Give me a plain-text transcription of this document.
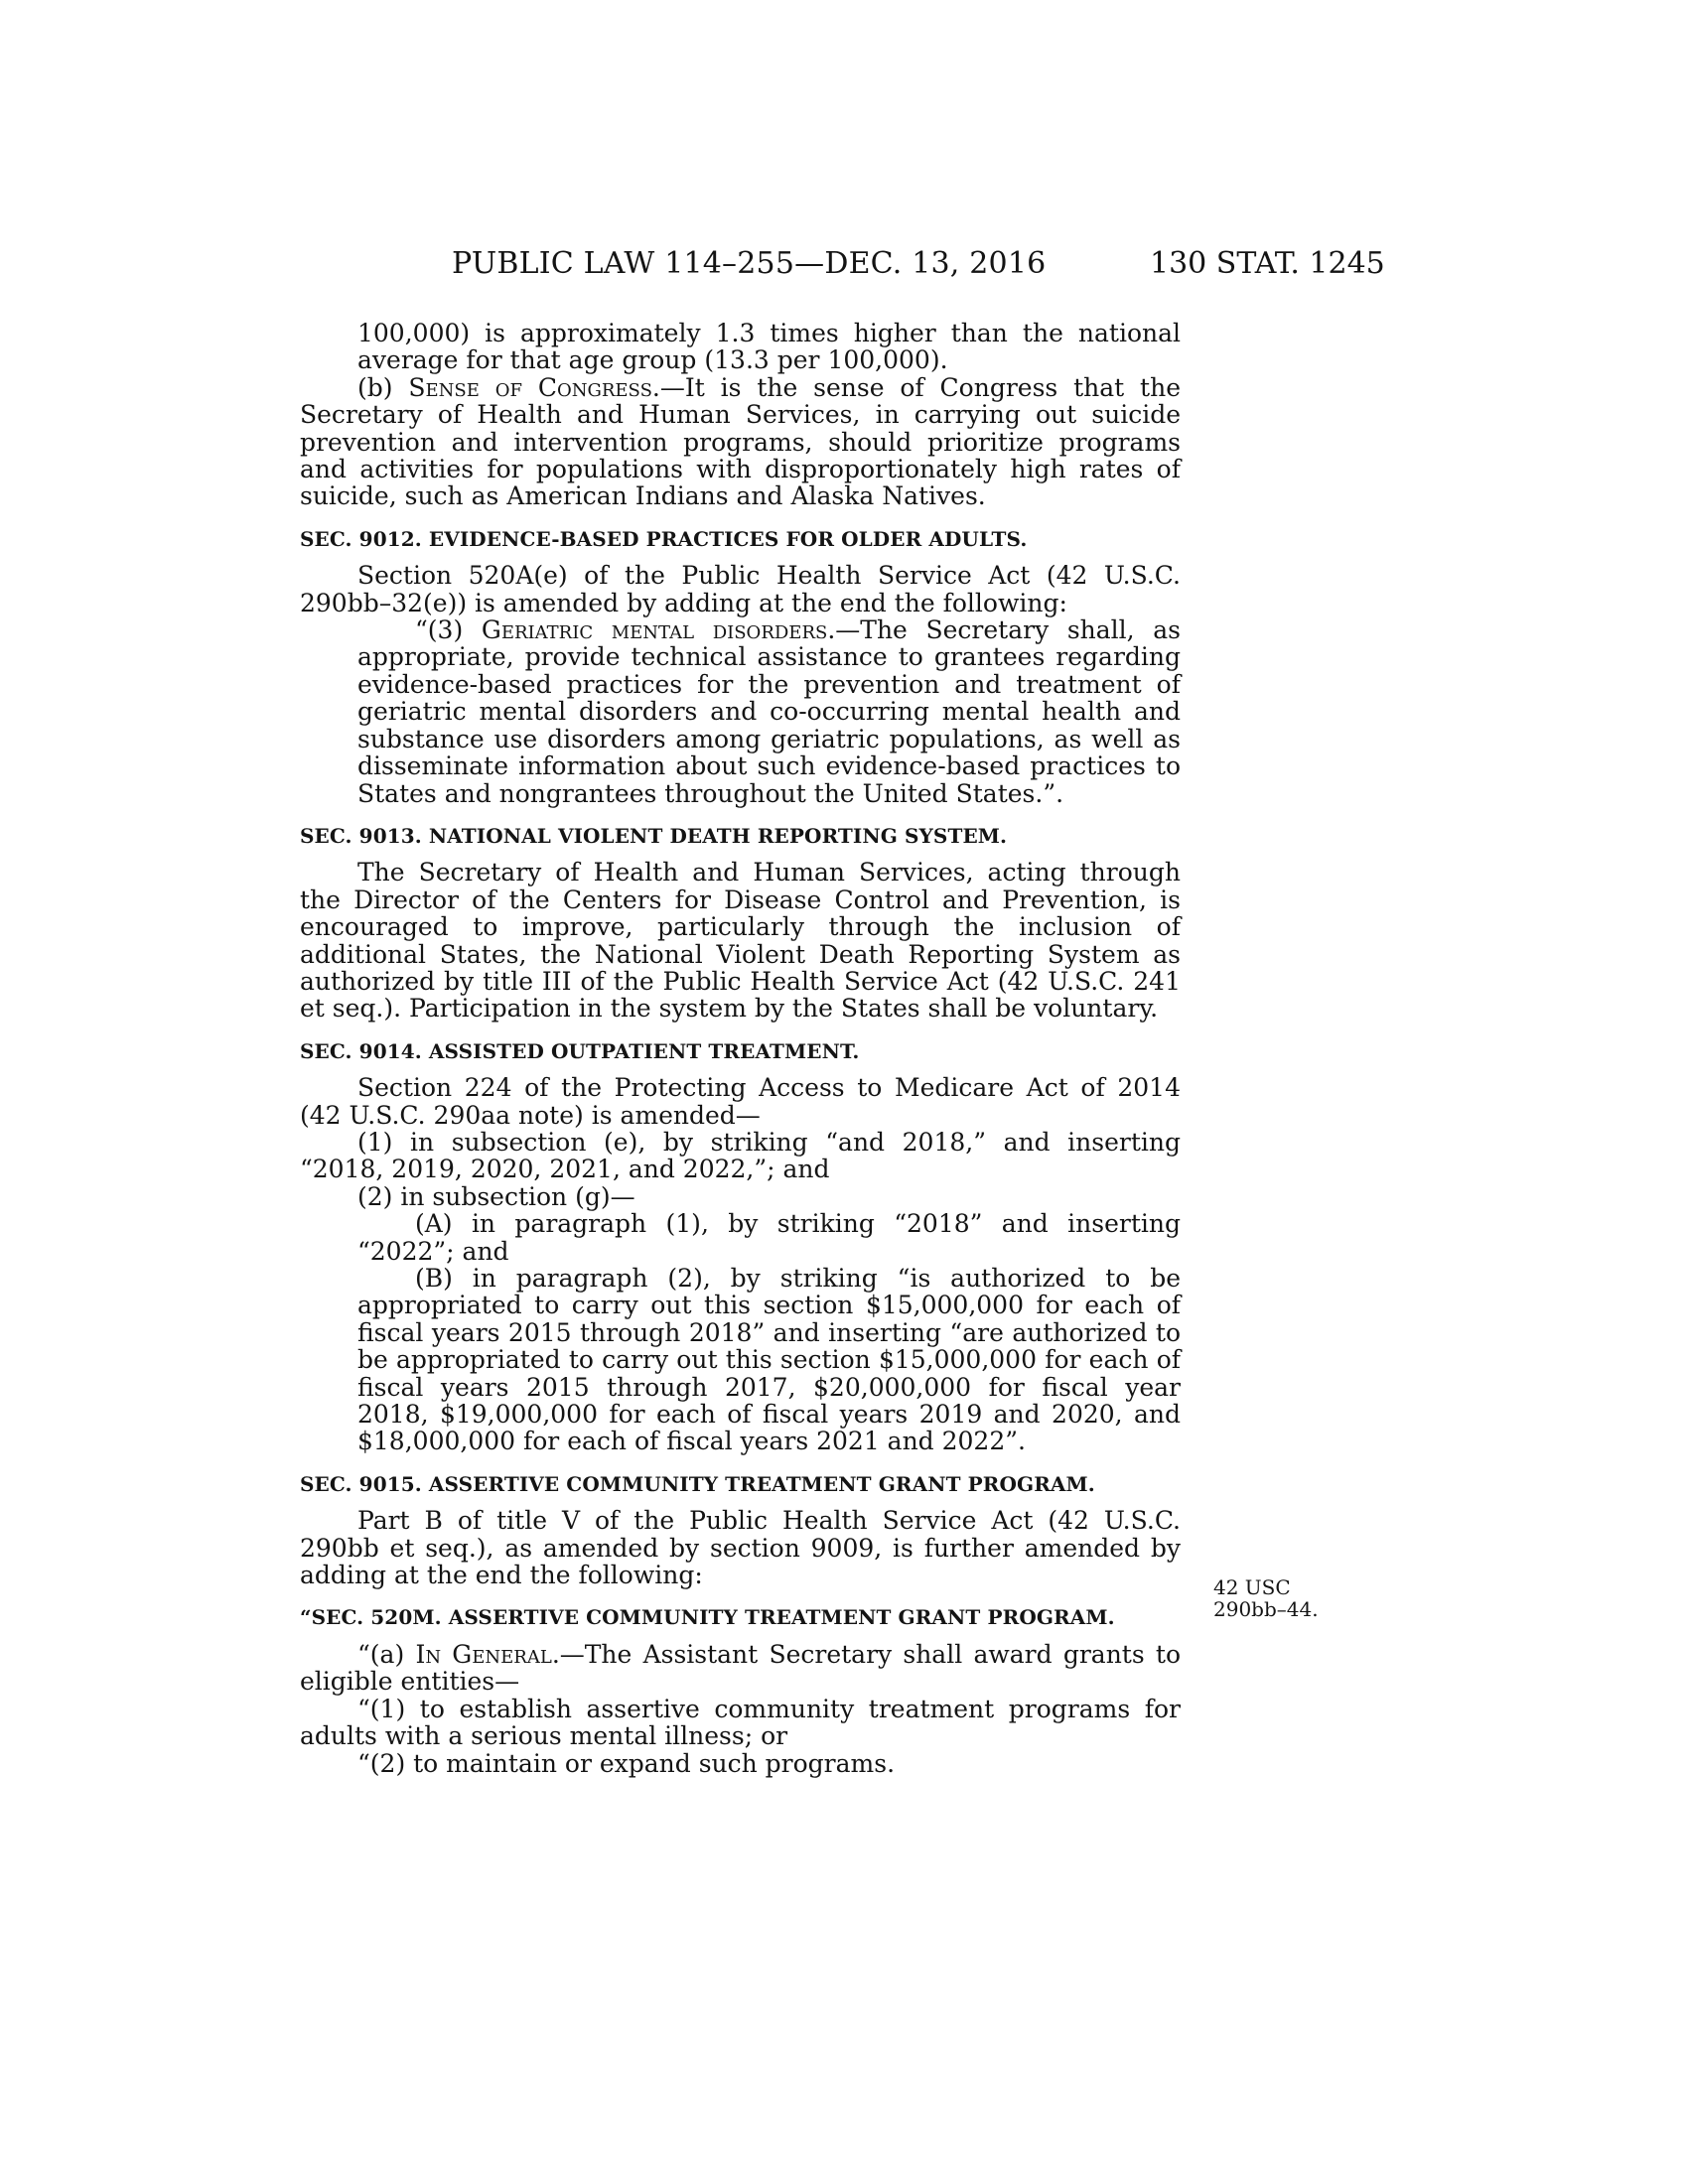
PUBLIC LAW 114–255—DEC. 13, 2016	130 STAT. 1245

100,000) is approximately 1.3 times higher than the national average for that age group (13.3 per 100,000).

(b) Sense of Congress.—It is the sense of Congress that the Secretary of Health and Human Services, in carrying out suicide prevention and intervention programs, should prioritize programs and activities for populations with disproportionately high rates of suicide, such as American Indians and Alaska Natives.

SEC. 9012. EVIDENCE-BASED PRACTICES FOR OLDER ADULTS.

Section 520A(e) of the Public Health Service Act (42 U.S.C. 290bb–32(e)) is amended by adding at the end the following:

“(3) Geriatric mental disorders.—The Secretary shall, as appropriate, provide technical assistance to grantees regarding evidence-based practices for the prevention and treatment of geriatric mental disorders and co-occurring mental health and substance use disorders among geriatric populations, as well as disseminate information about such evidence-based practices to States and nongrantees throughout the United States.”.

SEC. 9013. NATIONAL VIOLENT DEATH REPORTING SYSTEM.

The Secretary of Health and Human Services, acting through the Director of the Centers for Disease Control and Prevention, is encouraged to improve, particularly through the inclusion of additional States, the National Violent Death Reporting System as authorized by title III of the Public Health Service Act (42 U.S.C. 241 et seq.). Participation in the system by the States shall be voluntary.

SEC. 9014. ASSISTED OUTPATIENT TREATMENT.

Section 224 of the Protecting Access to Medicare Act of 2014 (42 U.S.C. 290aa note) is amended—

(1) in subsection (e), by striking “and 2018,” and inserting “2018, 2019, 2020, 2021, and 2022,”; and

(2) in subsection (g)—

(A) in paragraph (1), by striking “2018” and inserting “2022”; and

(B) in paragraph (2), by striking “is authorized to be appropriated to carry out this section $15,000,000 for each of fiscal years 2015 through 2018” and inserting “are authorized to be appropriated to carry out this section $15,000,000 for each of fiscal years 2015 through 2017, $20,000,000 for fiscal year 2018, $19,000,000 for each of fiscal years 2019 and 2020, and $18,000,000 for each of fiscal years 2021 and 2022”.

SEC. 9015. ASSERTIVE COMMUNITY TREATMENT GRANT PROGRAM.

Part B of title V of the Public Health Service Act (42 U.S.C. 290bb et seq.), as amended by section 9009, is further amended by adding at the end the following:

“SEC. 520M. ASSERTIVE COMMUNITY TREATMENT GRANT PROGRAM.

“(a) In General.—The Assistant Secretary shall award grants to eligible entities—

“(1) to establish assertive community treatment programs for adults with a serious mental illness; or

“(2) to maintain or expand such programs.

42 USC
290bb–44.
